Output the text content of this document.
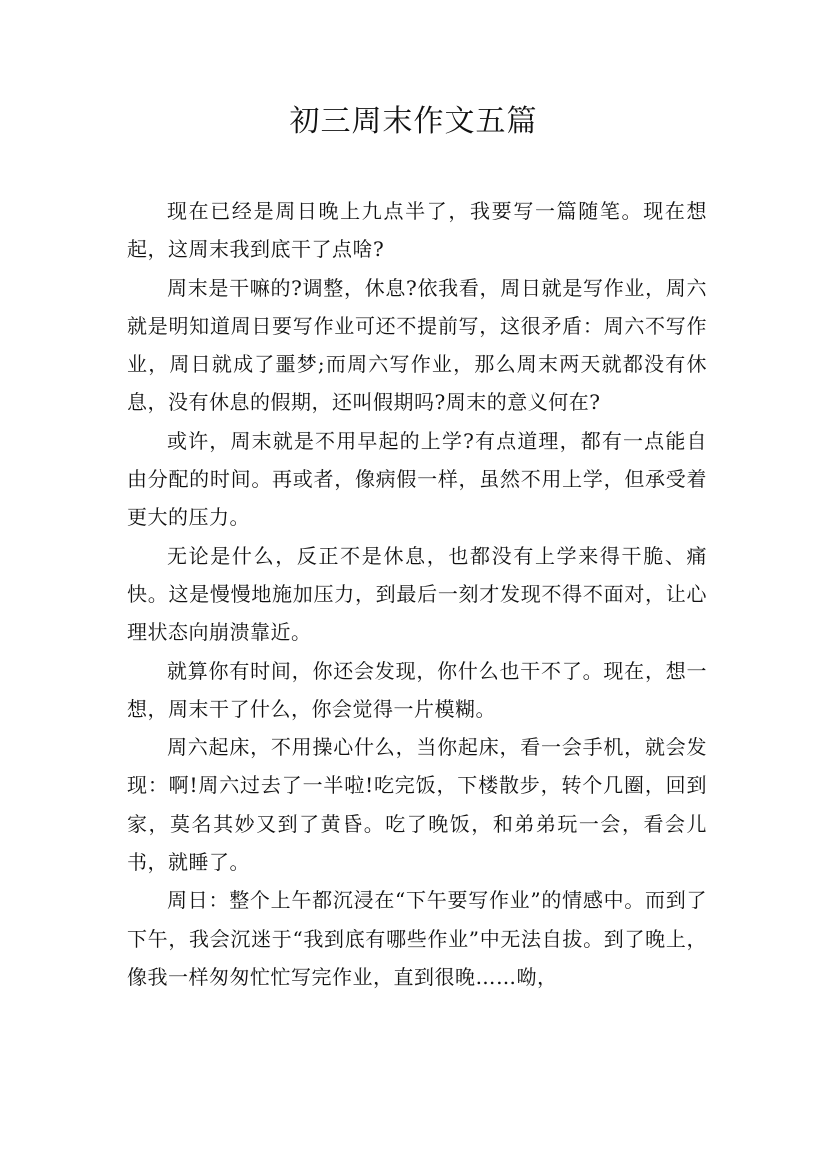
初三周末作文五篇

现在已经是周日晚上九点半了，我要写一篇随笔。现在想起，这周末我到底干了点啥?

周末是干嘛的?调整，休息?依我看，周日就是写作业，周六就是明知道周日要写作业可还不提前写，这很矛盾：周六不写作业，周日就成了噩梦;而周六写作业，那么周末两天就都没有休息，没有休息的假期，还叫假期吗?周末的意义何在?

或许，周末就是不用早起的上学?有点道理，都有一点能自由分配的时间。再或者，像病假一样，虽然不用上学，但承受着更大的压力。

无论是什么，反正不是休息，也都没有上学来得干脆、痛快。这是慢慢地施加压力，到最后一刻才发现不得不面对，让心理状态向崩溃靠近。

就算你有时间，你还会发现，你什么也干不了。现在，想一想，周末干了什么，你会觉得一片模糊。

周六起床，不用操心什么，当你起床，看一会手机，就会发现：啊!周六过去了一半啦!吃完饭，下楼散步，转个几圈，回到家，莫名其妙又到了黄昏。吃了晚饭，和弟弟玩一会，看会儿书，就睡了。

周日：整个上午都沉浸在“下午要写作业”的情感中。而到了下午，我会沉迷于“我到底有哪些作业”中无法自拔。到了晚上，像我一样匆匆忙忙写完作业，直到很晚……呦，
